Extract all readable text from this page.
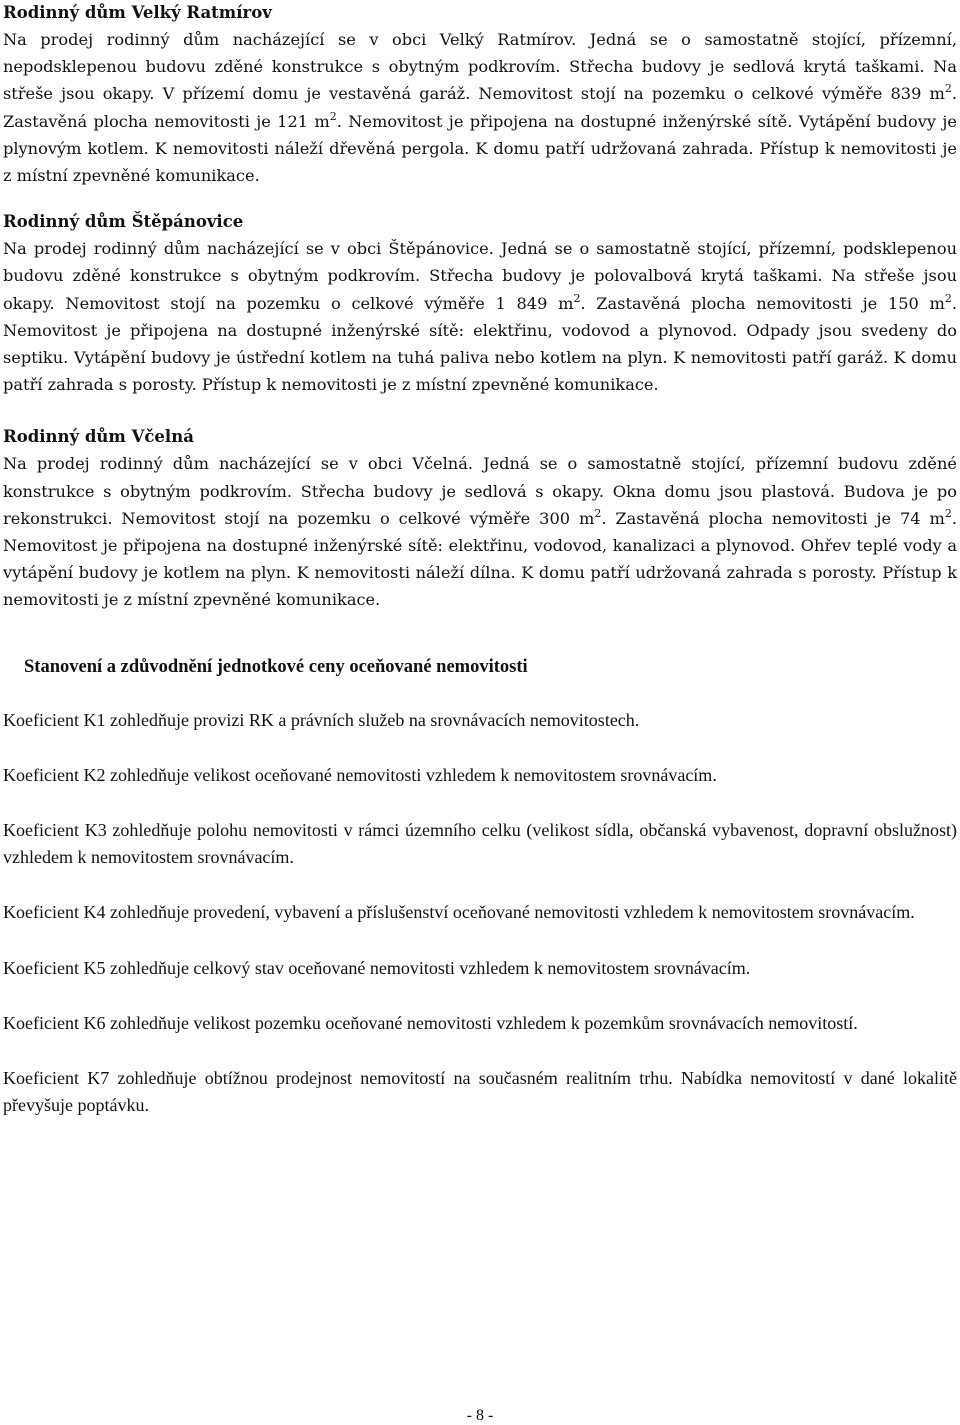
Rodinný dům Velký Ratmírov

Na prodej rodinný dům nacházející se v obci Velký Ratmírov. Jedná se o samostatně stojící, přízemní, nepodsklepenou budovu zděné konstrukce s obytným podkrovím. Střecha budovy je sedlová krytá taškami. Na střeše jsou okapy. V přízemí domu je vestavěná garáž. Nemovitost stojí na pozemku o celkové výměře 839 $m^2$. Zastavěná plocha nemovitosti je 121 $m^2$. Nemovitost je připojena na dostupné inženýrské sítě. Vytápění budovy je plynovým kotlem. K nemovitosti náleží dřevěná pergola. K domu patří udržovaná zahrada. Přístup k nemovitosti je z místní zpevněné komunikace.

Rodinný dům Štěpánovice

Na prodej rodinný dům nacházející se v obci Štěpánovice. Jedná se o samostatně stojící, přízemní, podsklepenou budovu zděné konstrukce s obytným podkrovím. Střecha budovy je polovalbová krytá taškami. Na střeše jsou okapy. Nemovitost stojí na pozemku o celkové výměře 1 849 $m^2$. Zastavěná plocha nemovitosti je 150 $m^2$. Nemovitost je připojena na dostupné inženýrské sítě: elektřinu, vodovod a plynovod. Odpady jsou svedeny do septiku. Vytápění budovy je ústřední kotlem na tuhá paliva nebo kotlem na plyn. K nemovitosti patří garáž. K domu patří zahrada s porosty. Přístup k nemovitosti je z místní zpevněné komunikace.

Rodinný dům Včelná

Na prodej rodinný dům nacházející se v obci Včelná. Jedná se o samostatně stojící, přízemní budovu zděné konstrukce s obytným podkrovím. Střecha budovy je sedlová s okapy. Okna domu jsou plastová. Budova je po rekonstrukci. Nemovitost stojí na pozemku o celkové výměře 300 $m^2$. Zastavěná plocha nemovitosti je 74 $m^2$. Nemovitost je připojena na dostupné inženýrské sítě: elektřinu, vodovod, kanalizaci a plynovod. Ohřev teplé vody a vytápění budovy je kotlem na plyn. K nemovitosti náleží dílna. K domu patří udržovaná zahrada s porosty. Přístup k nemovitosti je z místní zpevněné komunikace.

Stanovení a zdůvodnění jednotkové ceny oceňované nemovitosti

Koeficient K1 zohledňuje provizi RK a právních služeb na srovnávacích nemovitostech.

Koeficient K2 zohledňuje velikost oceňované nemovitosti vzhledem k nemovitostem srovnávacím.

Koeficient K3 zohledňuje polohu nemovitosti v rámci územního celku (velikost sídla, občanská vybavenost, dopravní obslužnost) vzhledem k nemovitostem srovnávacím.

Koeficient K4 zohledňuje provedení, vybavení a příslušenství oceňované nemovitosti vzhledem k nemovitostem srovnávacím.

Koeficient K5 zohledňuje celkový stav oceňované nemovitosti vzhledem k nemovitostem srovnávacím.

Koeficient K6 zohledňuje velikost pozemku oceňované nemovitosti vzhledem k pozemkům srovnávacích nemovitostí.

Koeficient K7 zohledňuje obtížnou prodejnost nemovitostí na současném realitním trhu. Nabídka nemovitostí v dané lokalitě převyšuje poptávku.

- 8 -
